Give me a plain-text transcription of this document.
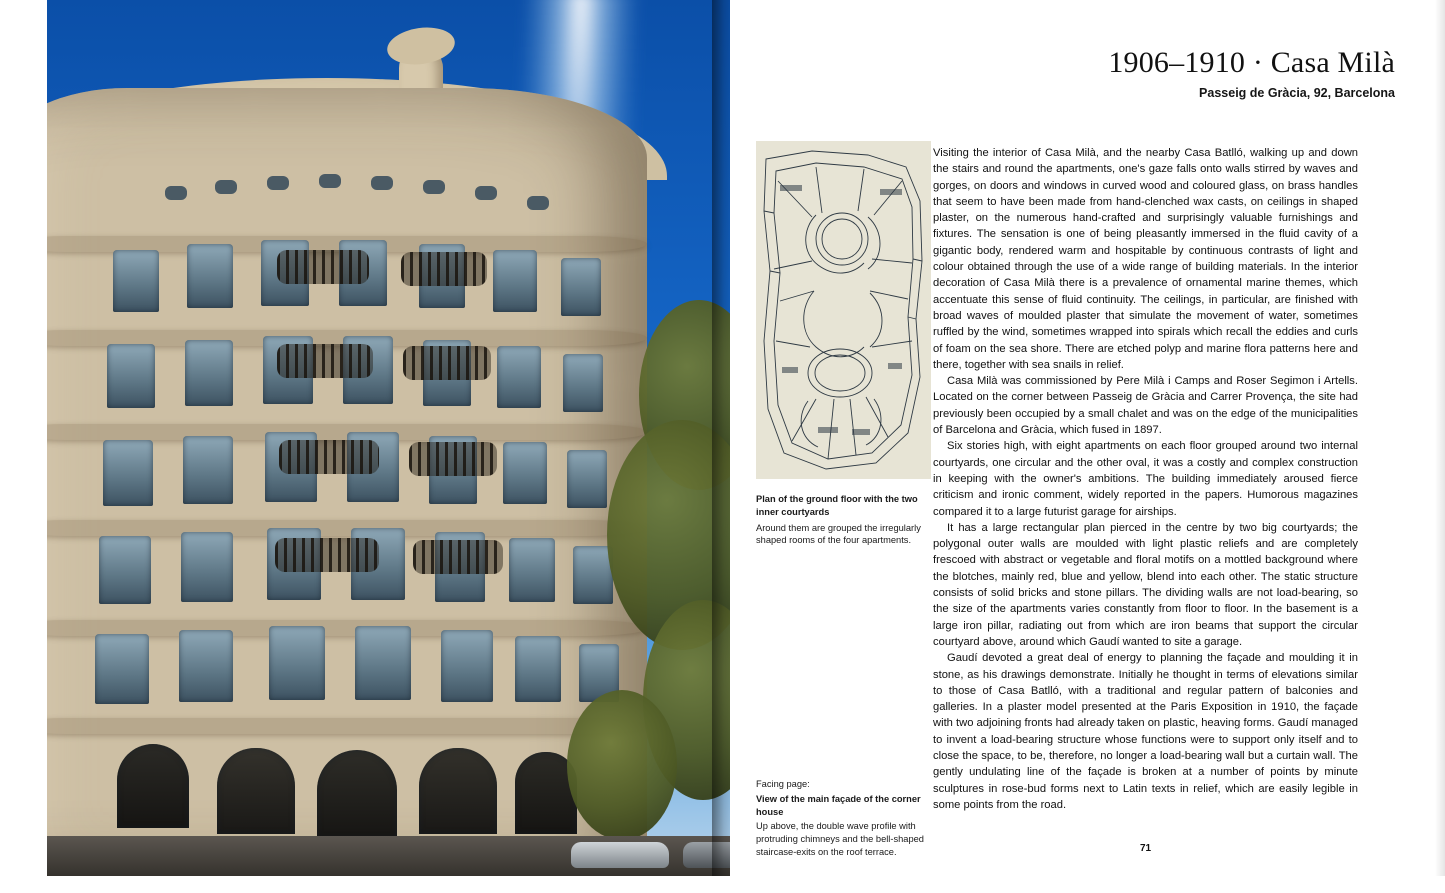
1906–1910 · Casa Milà
Passeig de Gràcia, 92, Barcelona
Plan of the ground floor with the two inner courtyards
Around them are grouped the irregularly shaped rooms of the four apartments.
Facing page:
View of the main façade of the corner house
Up above, the double wave profile with protruding chimneys and the bell-shaped staircase-exits on the roof terrace.

Visiting the interior of Casa Milà, and the nearby Casa Batlló, walking up and down the stairs and round the apartments, one's gaze falls onto walls stirred by waves and gorges, on doors and windows in curved wood and coloured glass, on brass handles that seem to have been made from hand-clenched wax casts, on ceilings in shaped plaster, on the numerous hand-crafted and surprisingly valuable furnishings and fixtures. The sensation is one of being pleasantly immersed in the fluid cavity of a gigantic body, rendered warm and hospitable by continuous contrasts of light and colour obtained through the use of a wide range of building materials. In the interior decoration of Casa Milà there is a prevalence of ornamental marine themes, which accentuate this sense of fluid continuity. The ceilings, in particular, are finished with broad waves of moulded plaster that simulate the movement of water, sometimes ruffled by the wind, sometimes wrapped into spirals which recall the eddies and curls of foam on the sea shore. There are etched polyp and marine flora patterns here and there, together with sea snails in relief.

Casa Milà was commissioned by Pere Milà i Camps and Roser Segimon i Artells. Located on the corner between Passeig de Gràcia and Carrer Provença, the site had previously been occupied by a small chalet and was on the edge of the municipalities of Barcelona and Gràcia, which fused in 1897.

Six stories high, with eight apartments on each floor grouped around two internal courtyards, one circular and the other oval, it was a costly and complex construction in keeping with the owner's ambitions. The building immediately aroused fierce criticism and ironic comment, widely reported in the papers. Humorous magazines compared it to a large futurist garage for airships.

It has a large rectangular plan pierced in the centre by two big courtyards; the polygonal outer walls are moulded with light plastic reliefs and are completely frescoed with abstract or vegetable and floral motifs on a mottled background where the blotches, mainly red, blue and yellow, blend into each other. The static structure consists of solid bricks and stone pillars. The dividing walls are not load-bearing, so the size of the apartments varies constantly from floor to floor. In the basement is a large iron pillar, radiating out from which are iron beams that support the circular courtyard above, around which Gaudí wanted to site a garage.

Gaudí devoted a great deal of energy to planning the façade and moulding it in stone, as his drawings demonstrate. Initially he thought in terms of elevations similar to those of Casa Batlló, with a traditional and regular pattern of balconies and galleries. In a plaster model presented at the Paris Exposition in 1910, the façade with two adjoining fronts had already taken on plastic, heaving forms. Gaudí managed to invent a load-bearing structure whose functions were to support only itself and to close the space, to be, therefore, no longer a load-bearing wall but a curtain wall. The gently undulating line of the façade is broken at a number of points by minute sculptures in rose-bud forms next to Latin texts in relief, which are easily legible in some points from the road.

71
